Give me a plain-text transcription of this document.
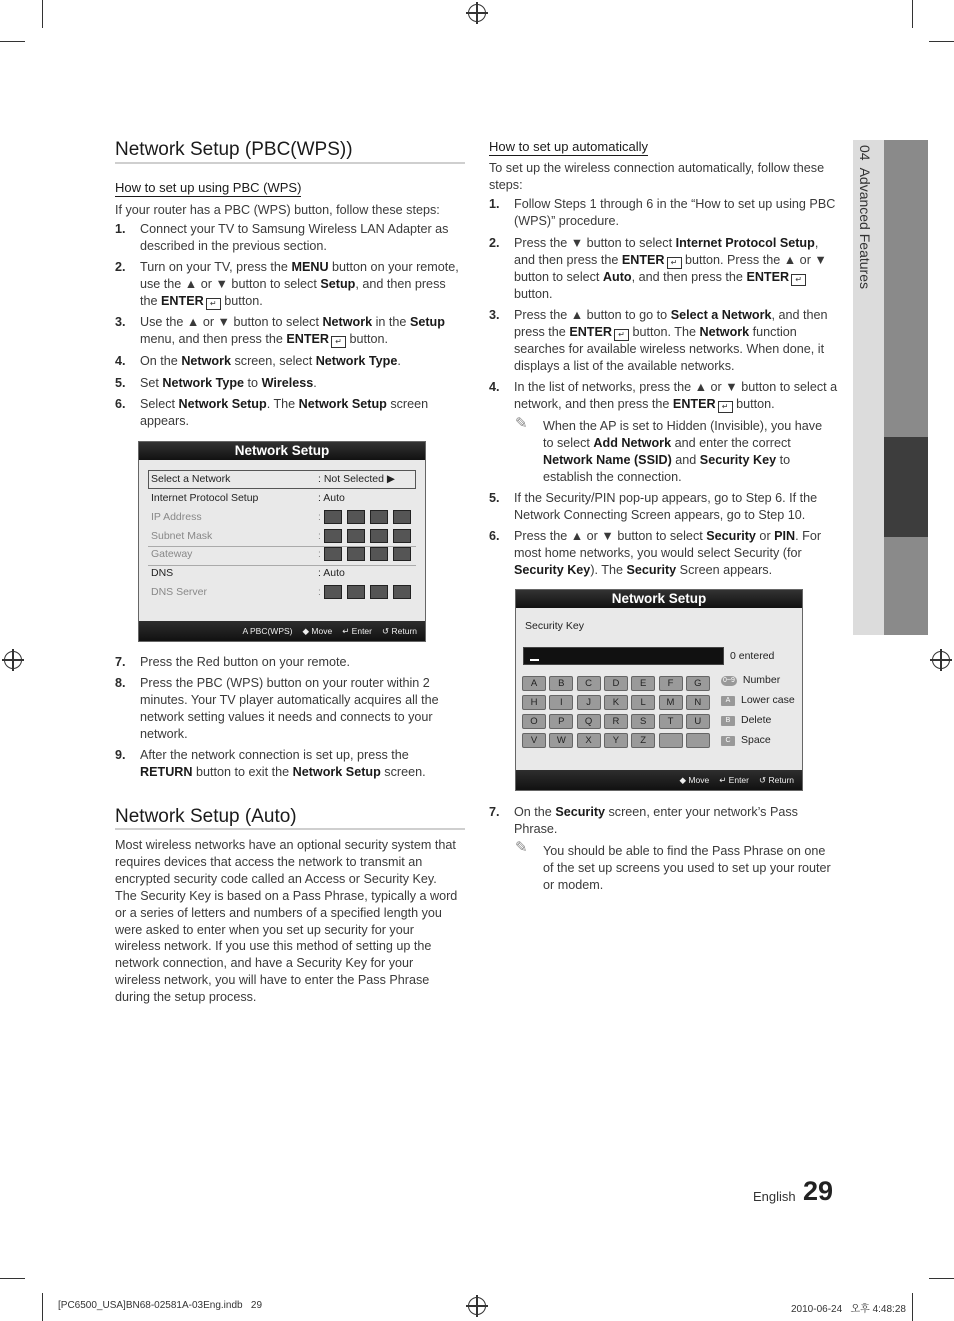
04  Advanced Features
Network Setup (PBC(WPS))
How to set up using PBC (WPS)
If your router has a PBC (WPS) button, follow these steps:
1. Connect your TV to Samsung Wireless LAN Adapter as described in the previous section.
2. Turn on your TV, press the MENU button on your remote, use the ▲ or ▼ button to select Setup, and then press the ENTER ↵ button.
3. Use the ▲ or ▼ button to select Network in the Setup menu, and then press the ENTER ↵ button.
4. On the Network screen, select Network Type.
5. Set Network Type to Wireless.
6. Select Network Setup. The Network Setup screen appears.
Network Setup
Select a Network	: Not Selected ▶
Internet Protocol Setup	: Auto
IP Address	:
Subnet Mask	:
Gateway	:
DNS	: Auto
DNS Server	:
A PBC(WPS) ◆ Move ↵ Enter ↺ Return
7. Press the Red button on your remote.
8. Press the PBC (WPS) button on your router within 2 minutes. Your TV player automatically acquires all the network setting values it needs and connects to your network.
9. After the network connection is set up, press the RETURN button to exit the Network Setup screen.
Network Setup (Auto)
Most wireless networks have an optional security system that requires devices that access the network to transmit an encrypted security code called an Access or Security Key. The Security Key is based on a Pass Phrase, typically a word or a series of letters and numbers of a specified length you were asked to enter when you set up security for your wireless network. If you use this method of setting up the network connection, and have a Security Key for your wireless network, you will have to enter the Pass Phrase during the setup process.
How to set up automatically
To set up the wireless connection automatically, follow these steps:
1. Follow Steps 1 through 6 in the “How to set up using PBC (WPS)” procedure.
2. Press the ▼ button to select Internet Protocol Setup, and then press the ENTER ↵ button. Press the ▲ or ▼ button to select Auto, and then press the ENTER ↵ button.
3. Press the ▲ button to go to Select a Network, and then press the ENTER ↵ button. The Network function searches for available wireless networks. When done, it displays a list of the available networks.
4. In the list of networks, press the ▲ or ▼ button to select a network, and then press the ENTER ↵ button.
✎ When the AP is set to Hidden (Invisible), you have to select Add Network and enter the correct Network Name (SSID) and Security Key to establish the connection.
5. If the Security/PIN pop-up appears, go to Step 6. If the Network Connecting Screen appears, go to Step 10.
6. Press the ▲ or ▼ button to select Security or PIN. For most home networks, you would select Security (for Security Key). The Security Screen appears.
Network Setup
Security Key
0 entered
A	B	C	D	E	F	G
H	I	J	K	L	M	N
O	P	Q	R	S	T	U
V	W	X	Y	Z
0~9 Number
A Lower case
B Delete
C Space
◆ Move ↵ Enter ↺ Return
7. On the Security screen, enter your network’s Pass Phrase.
✎ You should be able to find the Pass Phrase on one of the set up screens you used to set up your router or modem.
English 29
[PC6500_USA]BN68-02581A-03Eng.indb   29	2010-06-24   오후 4:48:28
